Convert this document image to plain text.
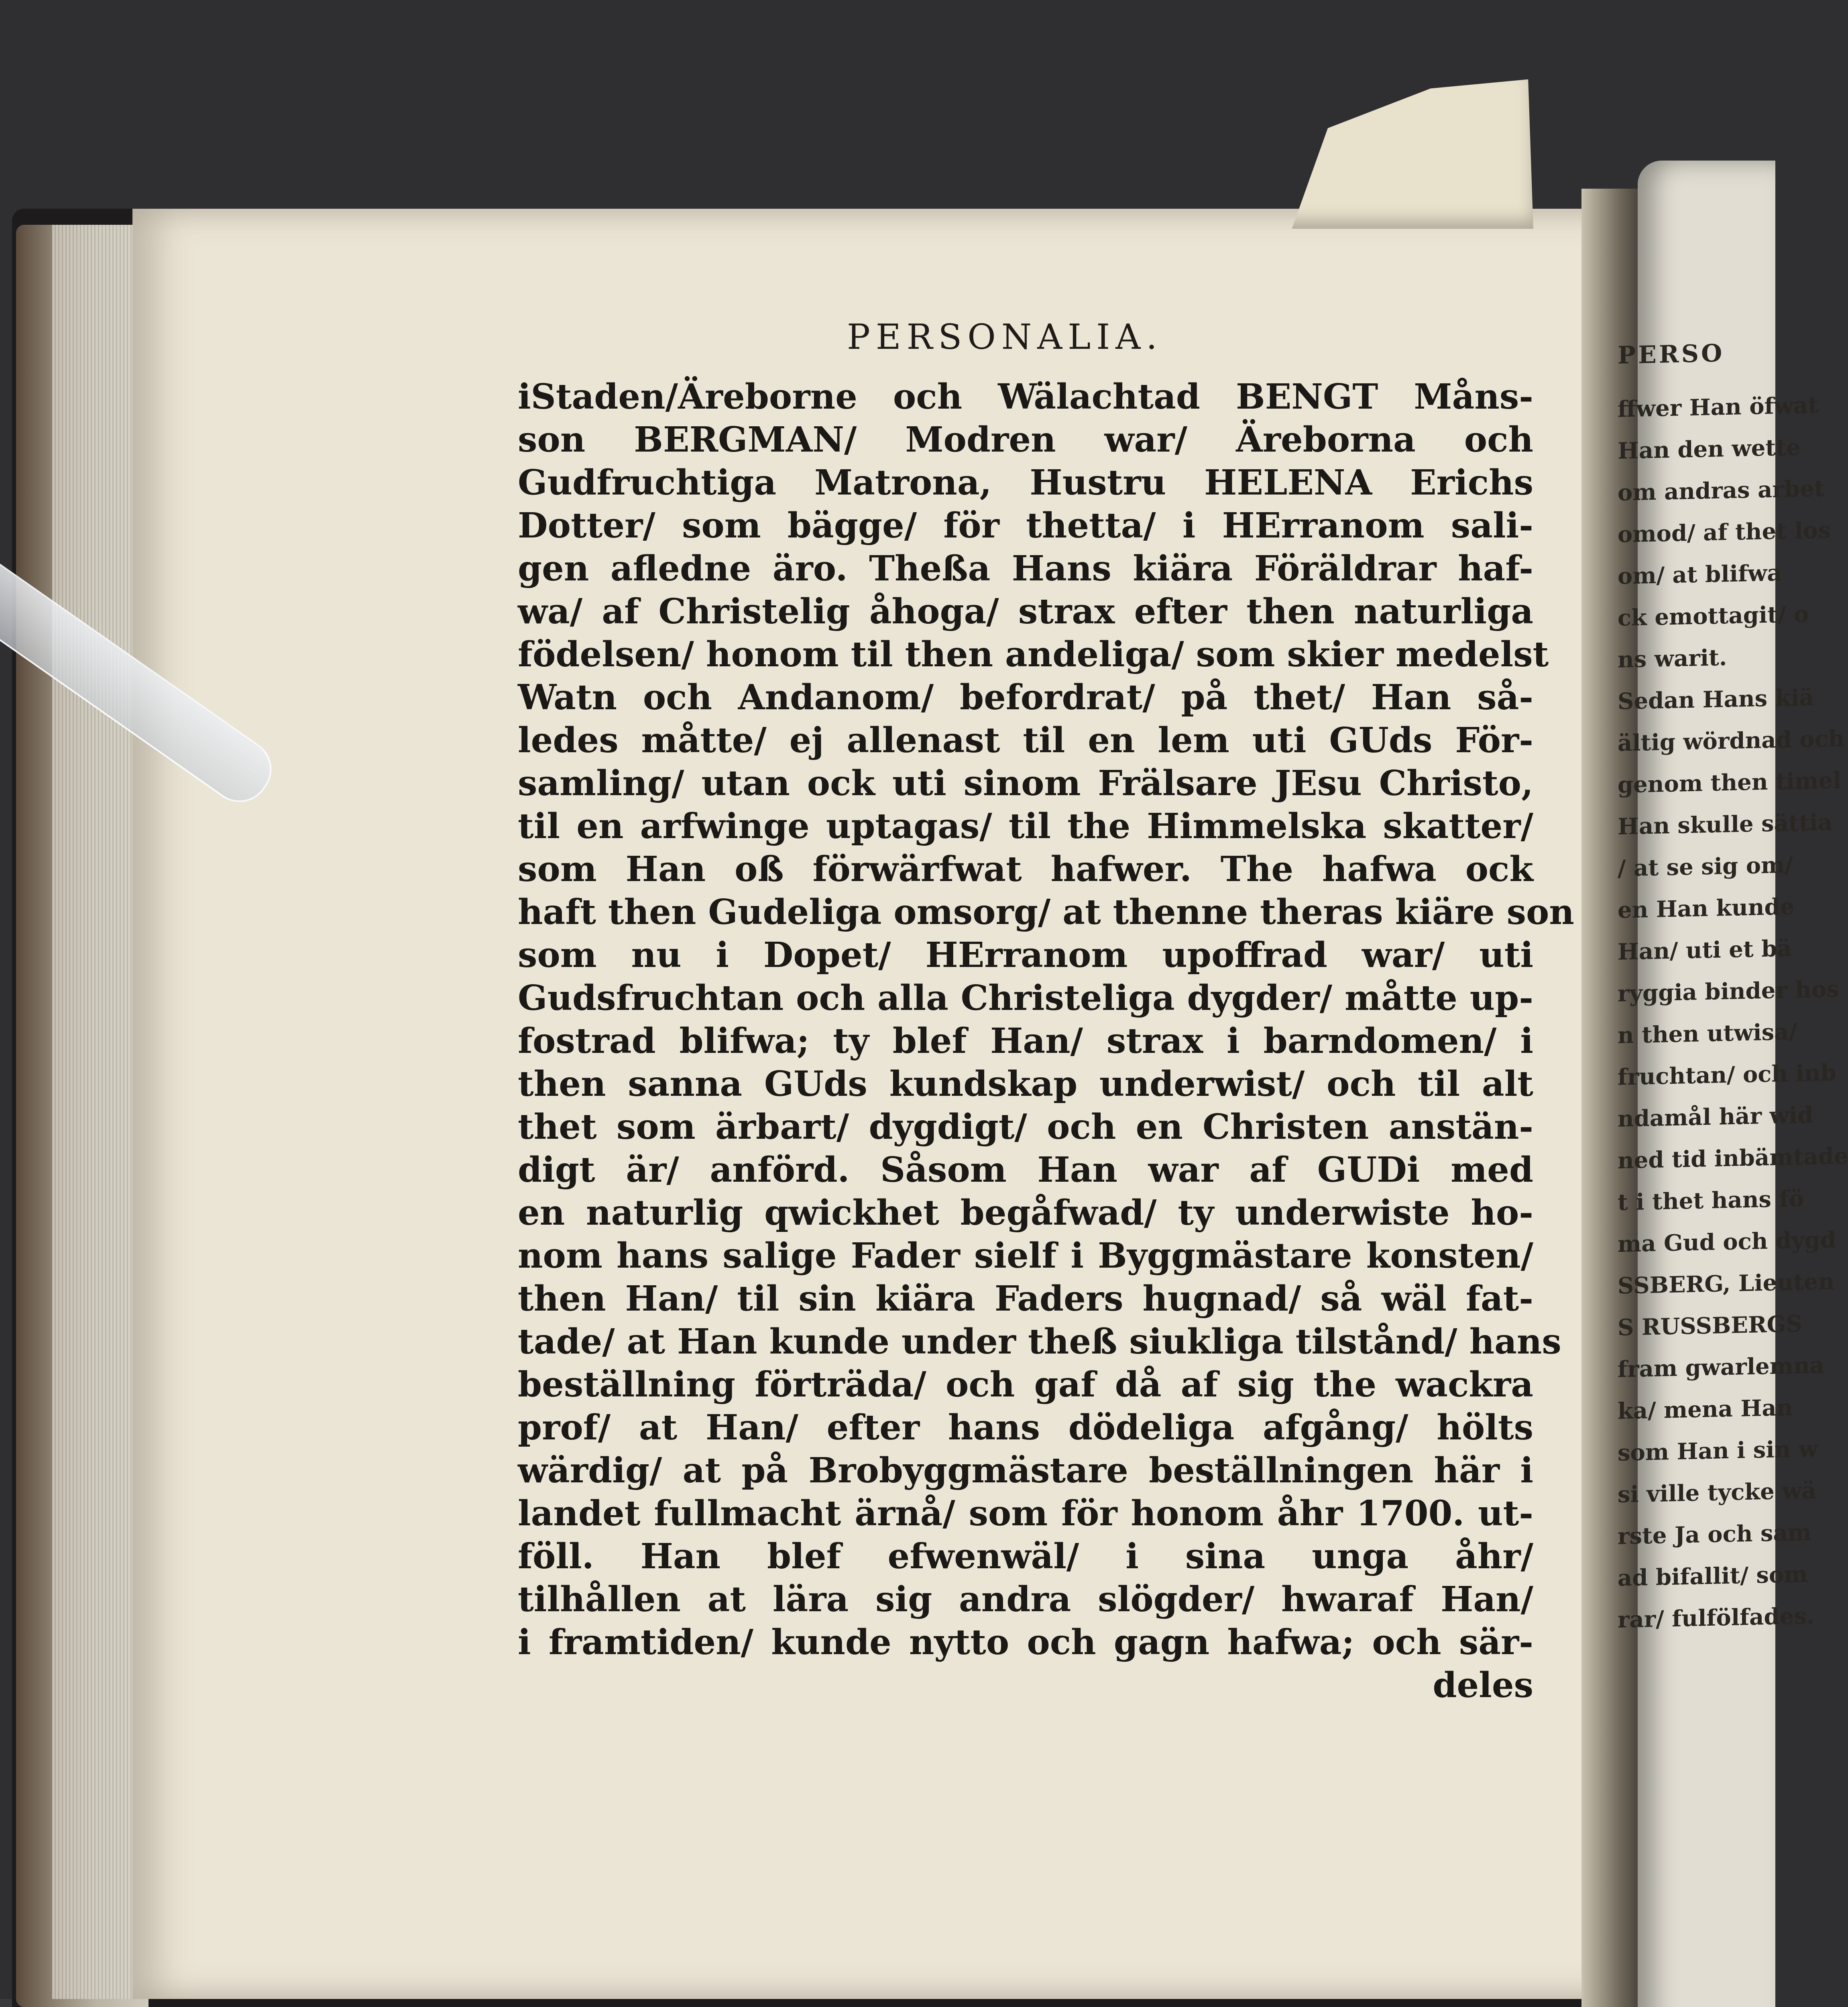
PERSO
ffwer Han öfwat
Han den wette
om andras arbet
omod/ af thet los
om/ at blifwa
ck emottagit/ o
ns warit.
Sedan Hans kiä
ältig wördnad och
genom then timel
Han skulle sättia
/ at se sig om/
en Han kunde
Han/ uti et bä
ryggia binder hos
n then utwisa/
fruchtan/ och inb
ndamål här wid
ned tid inbämtade
t i thet hans fö
ma Gud och dygd
SSBERG, Lieuten
S RUSSBERGS
fram gwarlemna
ka/ mena Han
som Han i sin w
si ville tycke wä
rste Ja och sam
ad bifallit/ som
rar/ fulfölfades.
PERSONALIA.
iStaden/Äreborne och Wälachtad BENGT Måns-
son BERGMAN/ Modren war/ Äreborna och
Gudfruchtiga Matrona, Hustru HELENA Erichs
Dotter/ som bägge/ för thetta/ i HErranom sali-
gen afledne äro. Theßa Hans kiära Föräldrar haf-
wa/ af Christelig åhoga/ strax efter then naturliga
födelsen/ honom til then andeliga/ som skier medelst
Watn och Andanom/ befordrat/ på thet/ Han så-
ledes måtte/ ej allenast til en lem uti GUds För-
samling/ utan ock uti sinom Frälsare JEsu Christo,
til en arfwinge uptagas/ til the Himmelska skatter/
som Han oß förwärfwat hafwer. The hafwa ock
haft then Gudeliga omsorg/ at thenne theras kiäre son
som nu i Dopet/ HErranom upoffrad war/ uti
Gudsfruchtan och alla Christeliga dygder/ måtte up-
fostrad blifwa; ty blef Han/ strax i barndomen/ i
then sanna GUds kundskap underwist/ och til alt
thet som ärbart/ dygdigt/ och en Christen anstän-
digt är/ anförd. Såsom Han war af GUDi med
en naturlig qwickhet begåfwad/ ty underwiste ho-
nom hans salige Fader sielf i Byggmästare konsten/
then Han/ til sin kiära Faders hugnad/ så wäl fat-
tade/ at Han kunde under theß siukliga tilstånd/ hans
beställning förträda/ och gaf då af sig the wackra
prof/ at Han/ efter hans dödeliga afgång/ hölts
wärdig/ at på Brobyggmästare beställningen här i
landet fullmacht ärnå/ som för honom åhr 1700. ut-
föll. Han blef efwenwäl/ i sina unga åhr/
tilhållen at lära sig andra slögder/ hwaraf Han/
i framtiden/ kunde nytto och gagn hafwa; och sär-
deles
